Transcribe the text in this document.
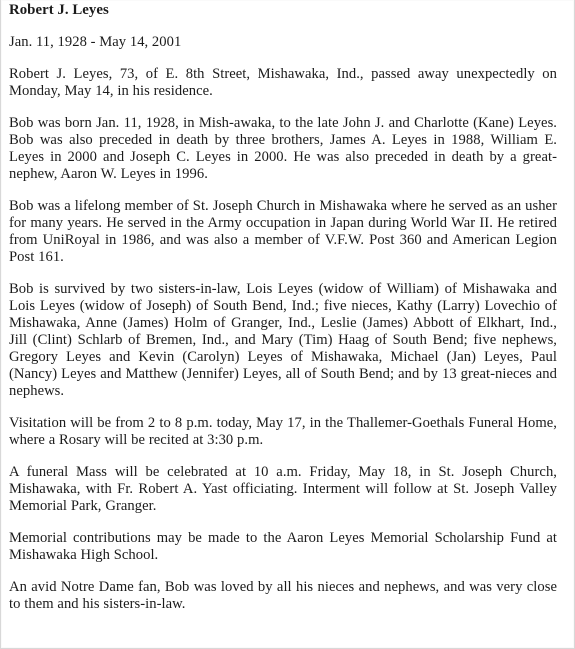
Robert J. Leyes
Jan. 11, 1928 - May 14, 2001
Robert J. Leyes, 73, of E. 8th Street, Mishawaka, Ind., passed away unexpectedly on Monday, May 14, in his residence.
Bob was born Jan. 11, 1928, in Mish-awaka, to the late John J. and Charlotte (Kane) Leyes. Bob was also preceded in death by three brothers, James A. Leyes in 1988, William E. Leyes in 2000 and Joseph C. Leyes in 2000. He was also preceded in death by a great- nephew, Aaron W. Leyes in 1996.
Bob was a lifelong member of St. Joseph Church in Mishawaka where he served as an usher for many years. He served in the Army occupation in Japan during World War II. He retired from UniRoyal in 1986, and was also a member of V.F.W. Post 360 and American Legion Post 161.
Bob is survived by two sisters-in-law, Lois Leyes (widow of William) of Mishawaka and Lois Leyes (widow of Joseph) of South Bend, Ind.; five nieces, Kathy (Larry) Lovechio of Mishawaka, Anne (James) Holm of Granger, Ind., Leslie (James) Abbott of Elkhart, Ind., Jill (Clint) Schlarb of Bremen, Ind., and Mary (Tim) Haag of South Bend; five nephews, Gregory Leyes and Kevin (Carolyn) Leyes of Mishawaka, Michael (Jan) Leyes, Paul (Nancy) Leyes and Matthew (Jennifer) Leyes, all of South Bend; and by 13 great-nieces and nephews.
Visitation will be from 2 to 8 p.m. today, May 17, in the Thallemer-Goethals Funeral Home, where a Rosary will be recited at 3:30 p.m.
A funeral Mass will be celebrated at 10 a.m. Friday, May 18, in St. Joseph Church, Mishawaka, with Fr. Robert A. Yast officiating. Interment will follow at St. Joseph Valley Memorial Park, Granger.
Memorial contributions may be made to the Aaron Leyes Memorial Scholarship Fund at Mishawaka High School.
An avid Notre Dame fan, Bob was loved by all his nieces and nephews, and was very close to them and his sisters-in-law.
